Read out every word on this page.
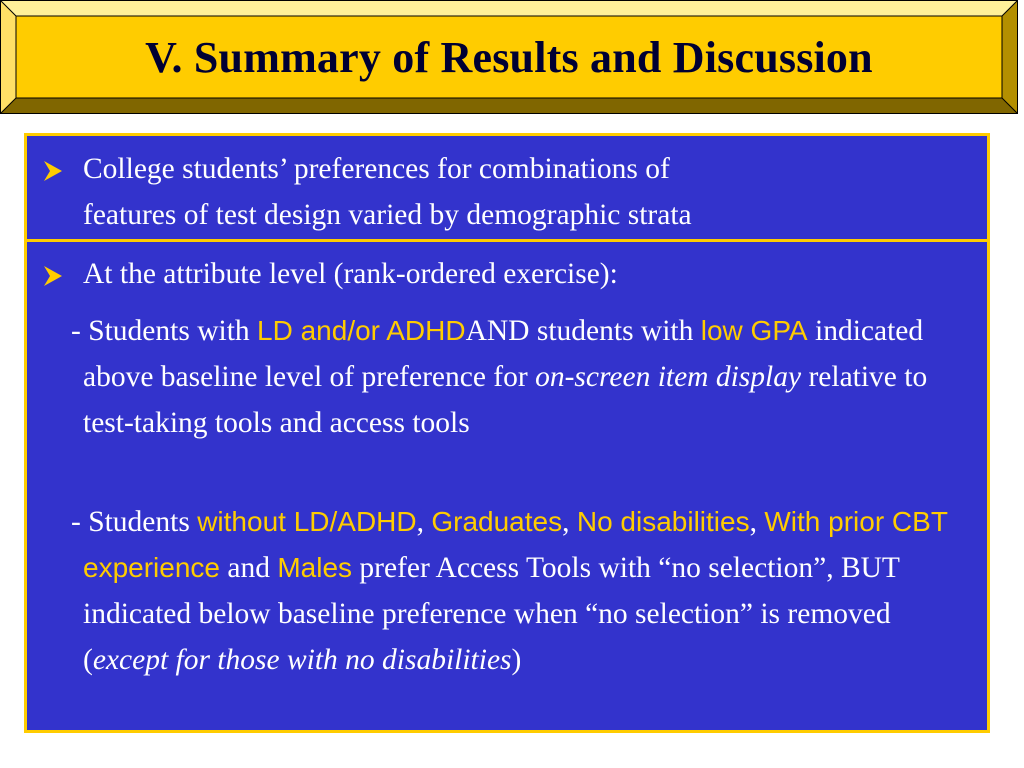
V. Summary of Results and Discussion
College students’ preferences for combinations of
features of test design varied by demographic strata
At the attribute level (rank-ordered exercise):
- Students with LD and/or ADHDAND students with low GPA indicated above baseline level of preference for on-screen item display relative to test-taking tools and access tools
- Students without LD/ADHD, Graduates, No disabilities, With prior CBT experience and Males prefer Access Tools with “no selection”, BUT indicated below baseline preference when “no selection” is removed (except for those with no disabilities)
